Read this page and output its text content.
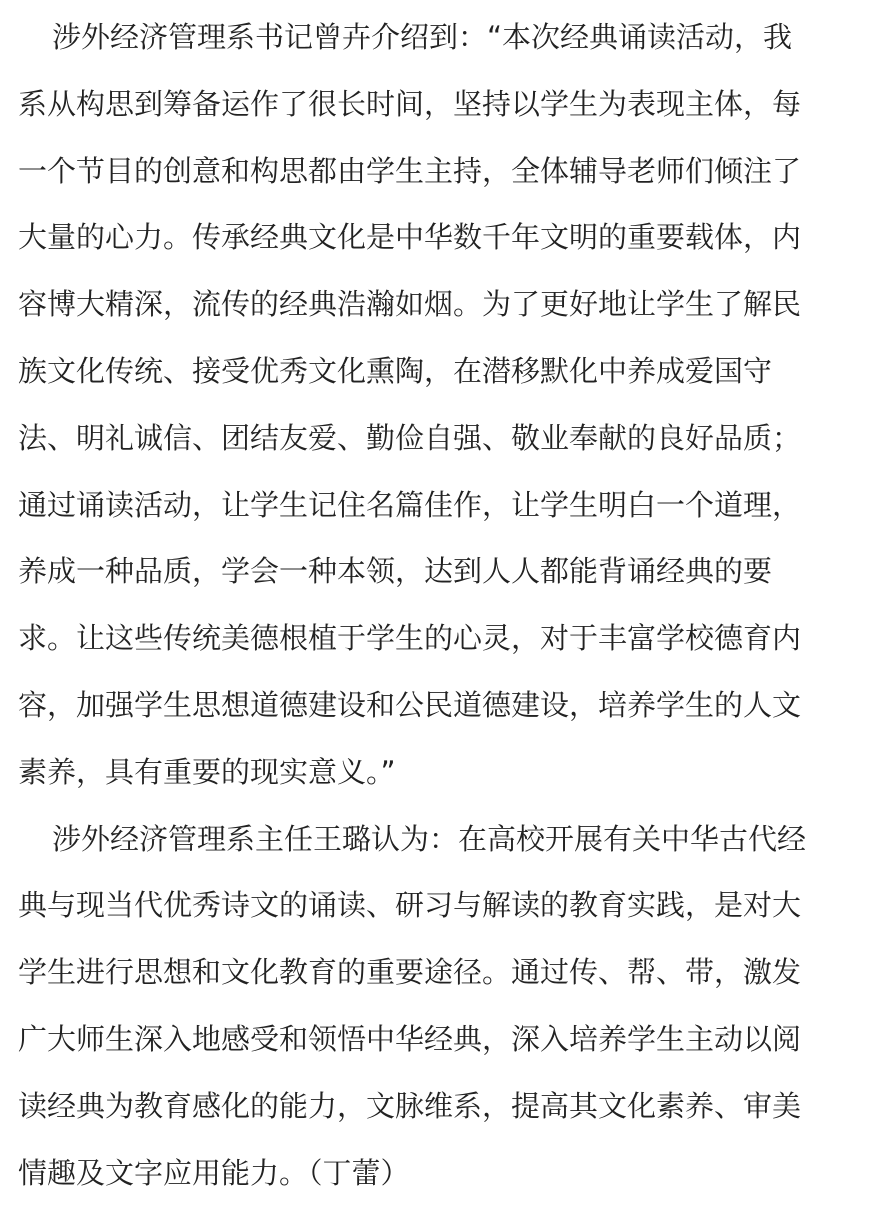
涉外经济管理系书记曾卉介绍到：“本次经典诵读活动，我
系从构思到筹备运作了很长时间，坚持以学生为表现主体，每
一个节目的创意和构思都由学生主持，全体辅导老师们倾注了
大量的心力。传承经典文化是中华数千年文明的重要载体，内
容博大精深，流传的经典浩瀚如烟。为了更好地让学生了解民
族文化传统、接受优秀文化熏陶，在潜移默化中养成爱国守
法、明礼诚信、团结友爱、勤俭自强、敬业奉献的良好品质；
通过诵读活动，让学生记住名篇佳作，让学生明白一个道理，
养成一种品质，学会一种本领，达到人人都能背诵经典的要
求。让这些传统美德根植于学生的心灵，对于丰富学校德育内
容，加强学生思想道德建设和公民道德建设，培养学生的人文
素养，具有重要的现实意义。”
涉外经济管理系主任王璐认为：在高校开展有关中华古代经
典与现当代优秀诗文的诵读、研习与解读的教育实践，是对大
学生进行思想和文化教育的重要途径。通过传、帮、带，激发
广大师生深入地感受和领悟中华经典，深入培养学生主动以阅
读经典为教育感化的能力，文脉维系，提高其文化素养、审美
情趣及文字应用能力。（丁蕾）
